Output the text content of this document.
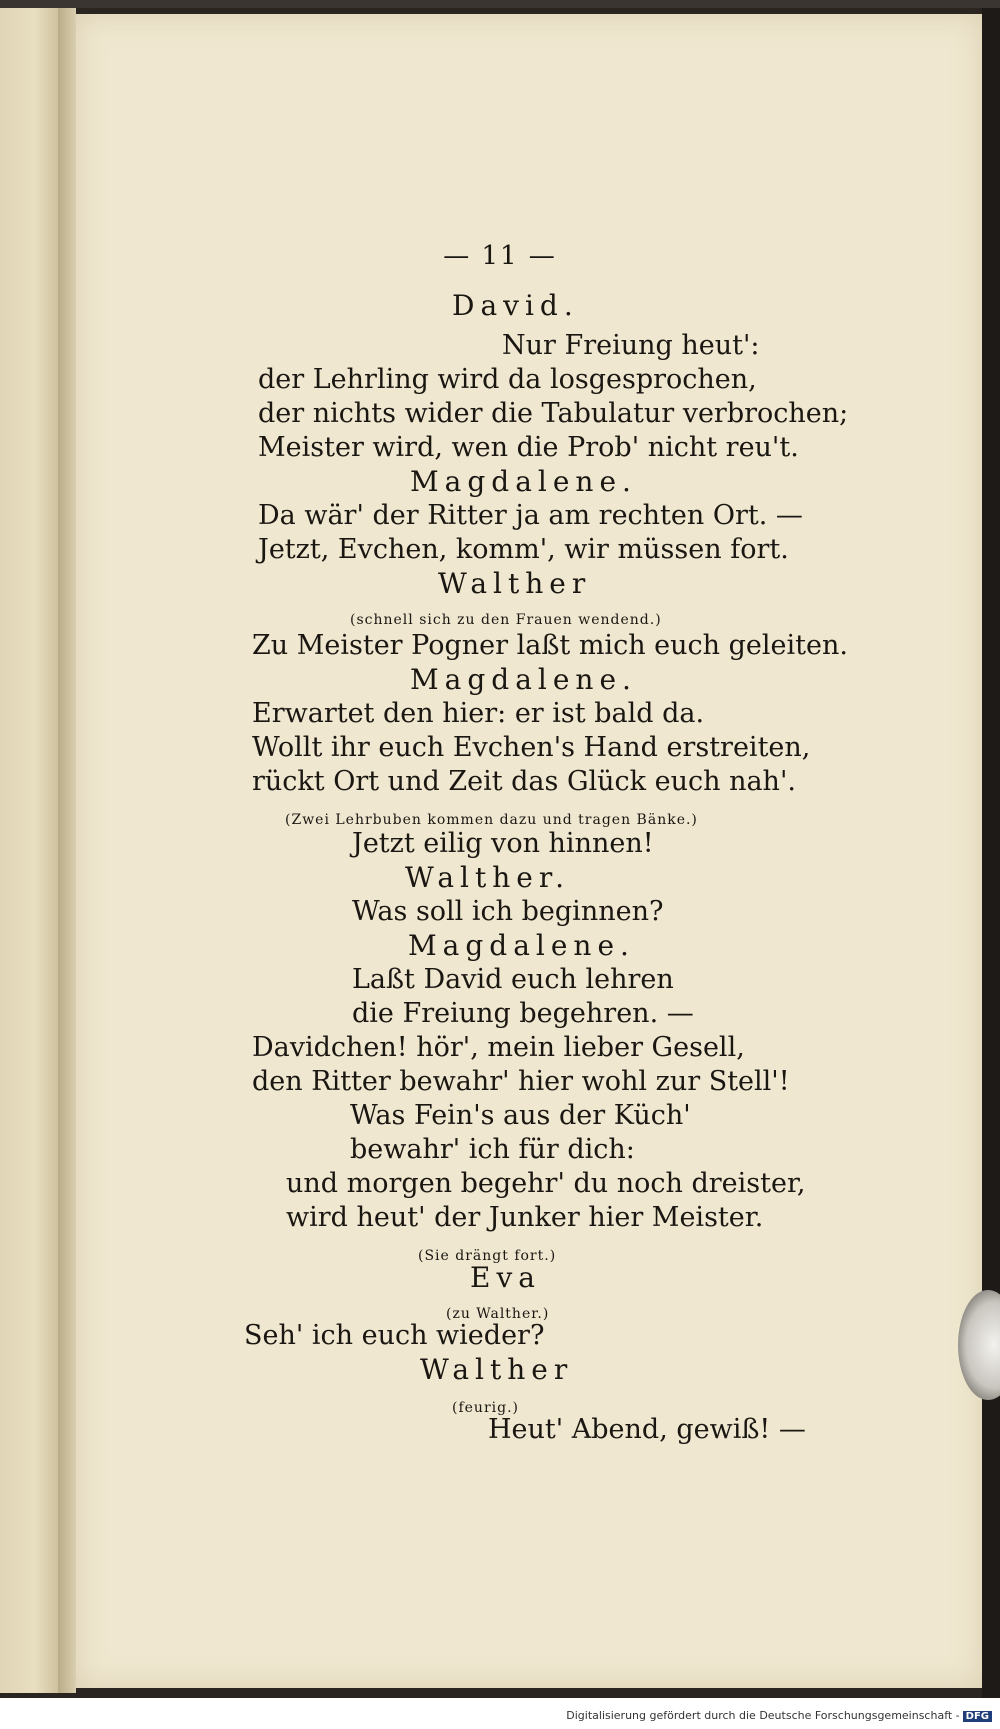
— 11 —
David.
Nur Freiung heut':
der Lehrling wird da losgesprochen,
der nichts wider die Tabulatur verbrochen;
Meister wird, wen die Prob' nicht reu't.
Magdalene.
Da wär' der Ritter ja am rechten Ort. —
Jetzt, Evchen, komm', wir müssen fort.
Walther
(schnell sich zu den Frauen wendend.)
Zu Meister Pogner laßt mich euch geleiten.
Magdalene.
Erwartet den hier: er ist bald da.
Wollt ihr euch Evchen's Hand erstreiten,
rückt Ort und Zeit das Glück euch nah'.
(Zwei Lehrbuben kommen dazu und tragen Bänke.)
Jetzt eilig von hinnen!
Walther.
Was soll ich beginnen?
Magdalene.
Laßt David euch lehren
die Freiung begehren. —
Davidchen! hör', mein lieber Gesell,
den Ritter bewahr' hier wohl zur Stell'!
Was Fein's aus der Küch'
bewahr' ich für dich:
und morgen begehr' du noch dreister,
wird heut' der Junker hier Meister.
(Sie drängt fort.)
Eva
(zu Walther.)
Seh' ich euch wieder?
Walther
(feurig.)
Heut' Abend, gewiß! —
Digitalisierung gefördert durch die Deutsche Forschungsgemeinschaft - DFG
